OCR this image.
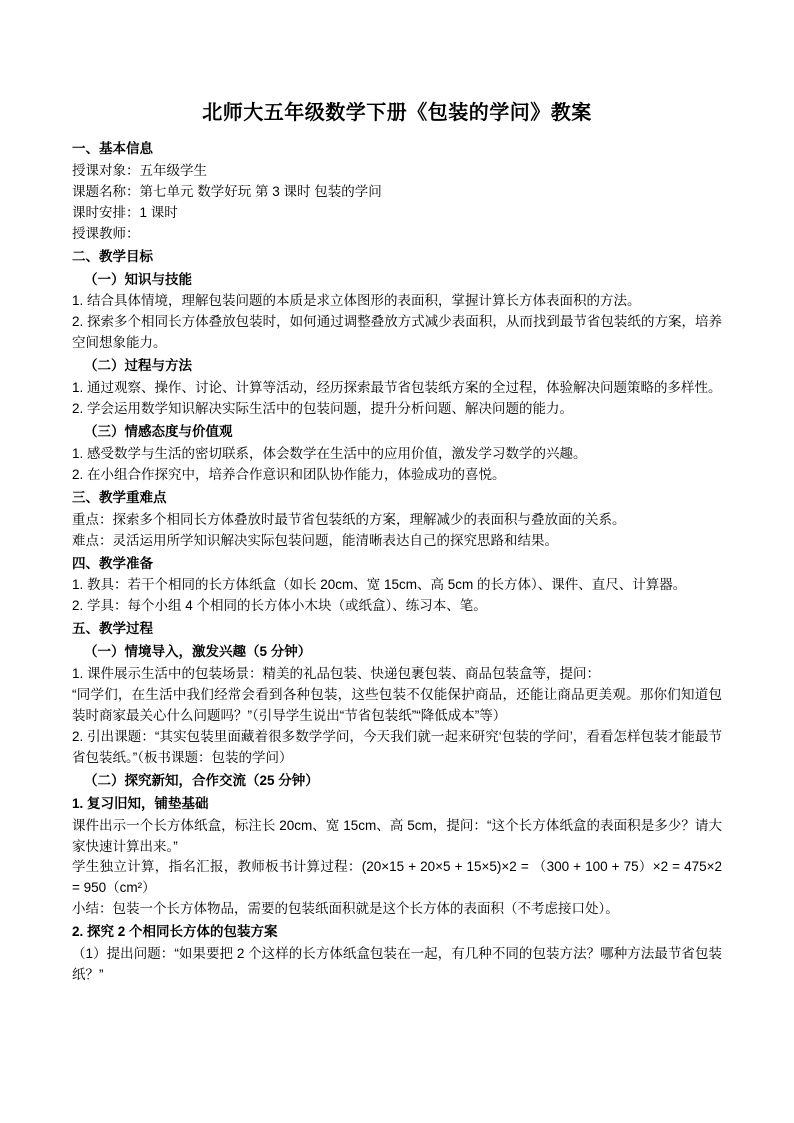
北师大五年级数学下册《包装的学问》教案
一、基本信息

授课对象：五年级学生

课题名称：第七单元 数学好玩 第 3 课时 包装的学问

课时安排：1 课时

授课教师：

二、教学目标
（一）知识与技能

1. 结合具体情境，理解包装问题的本质是求立体图形的表面积，掌握计算长方体表面积的方法。

2. 探索多个相同长方体叠放包装时，如何通过调整叠放方式减少表面积，从而找到最节省包装纸的方案，培养空间想象能力。

（二）过程与方法

1. 通过观察、操作、讨论、计算等活动，经历探索最节省包装纸方案的全过程，体验解决问题策略的多样性。

2. 学会运用数学知识解决实际生活中的包装问题，提升分析问题、解决问题的能力。

（三）情感态度与价值观

1. 感受数学与生活的密切联系，体会数学在生活中的应用价值，激发学习数学的兴趣。

2. 在小组合作探究中，培养合作意识和团队协作能力，体验成功的喜悦。

三、教学重难点

重点：探索多个相同长方体叠放时最节省包装纸的方案，理解减少的表面积与叠放面的关系。

难点：灵活运用所学知识解决实际包装问题，能清晰表达自己的探究思路和结果。

四、教学准备

1. 教具：若干个相同的长方体纸盒（如长 20cm、宽 15cm、高 5cm 的长方体）、课件、直尺、计算器。

2. 学具：每个小组 4 个相同的长方体小木块（或纸盒）、练习本、笔。

五、教学过程
（一）情境导入，激发兴趣（5 分钟）

1. 课件展示生活中的包装场景：精美的礼品包装、快递包裹包装、商品包装盒等，提问：

“同学们，在生活中我们经常会看到各种包装，这些包装不仅能保护商品，还能让商品更美观。那你们知道包装时商家最关心什么问题吗？”（引导学生说出“节省包装纸”“降低成本”等）

2. 引出课题：“其实包装里面藏着很多数学学问，今天我们就一起来研究‘包装的学问’，看看怎样包装才能最节省包装纸。”（板书课题：包装的学问）

（二）探究新知，合作交流（25 分钟）
1. 复习旧知，铺垫基础

课件出示一个长方体纸盒，标注长 20cm、宽 15cm、高 5cm，提问：“这个长方体纸盒的表面积是多少？请大家快速计算出来。”

学生独立计算，指名汇报，教师板书计算过程：(20×15 + 20×5 + 15×5)×2 = （300 + 100 + 75）×2 = 475×2 = 950（cm²）

小结：包装一个长方体物品，需要的包装纸面积就是这个长方体的表面积（不考虑接口处）。

2. 探究 2 个相同长方体的包装方案

（1）提出问题：“如果要把 2 个这样的长方体纸盒包装在一起，有几种不同的包装方法？哪种方法最节省包装纸？”
